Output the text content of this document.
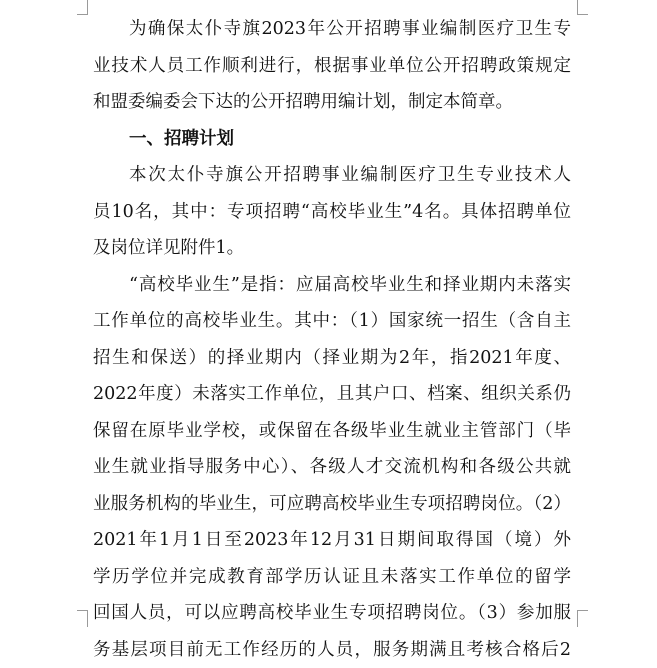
为确保太仆寺旗2023年公开招聘事业编制医疗卫生专
业技术人员工作顺利进行，根据事业单位公开招聘政策规定
和盟委编委会下达的公开招聘用编计划，制定本简章。
一、招聘计划
本次太仆寺旗公开招聘事业编制医疗卫生专业技术人
员10名，其中：专项招聘“高校毕业生”4名。具体招聘单位
及岗位详见附件1。
“高校毕业生”是指：应届高校毕业生和择业期内未落实
工作单位的高校毕业生。其中：（1）国家统一招生（含自主
招生和保送）的择业期内（择业期为2年，指2021年度、
2022年度）未落实工作单位，且其户口、档案、组织关系仍
保留在原毕业学校，或保留在各级毕业生就业主管部门（毕
业生就业指导服务中心）、各级人才交流机构和各级公共就
业服务机构的毕业生，可应聘高校毕业生专项招聘岗位。（2）
2021年1月1日至2023年12月31日期间取得国（境）外
学历学位并完成教育部学历认证且未落实工作单位的留学
回国人员，可以应聘高校毕业生专项招聘岗位。（3）参加服
务基层项目前无工作经历的人员，服务期满且考核合格后2
